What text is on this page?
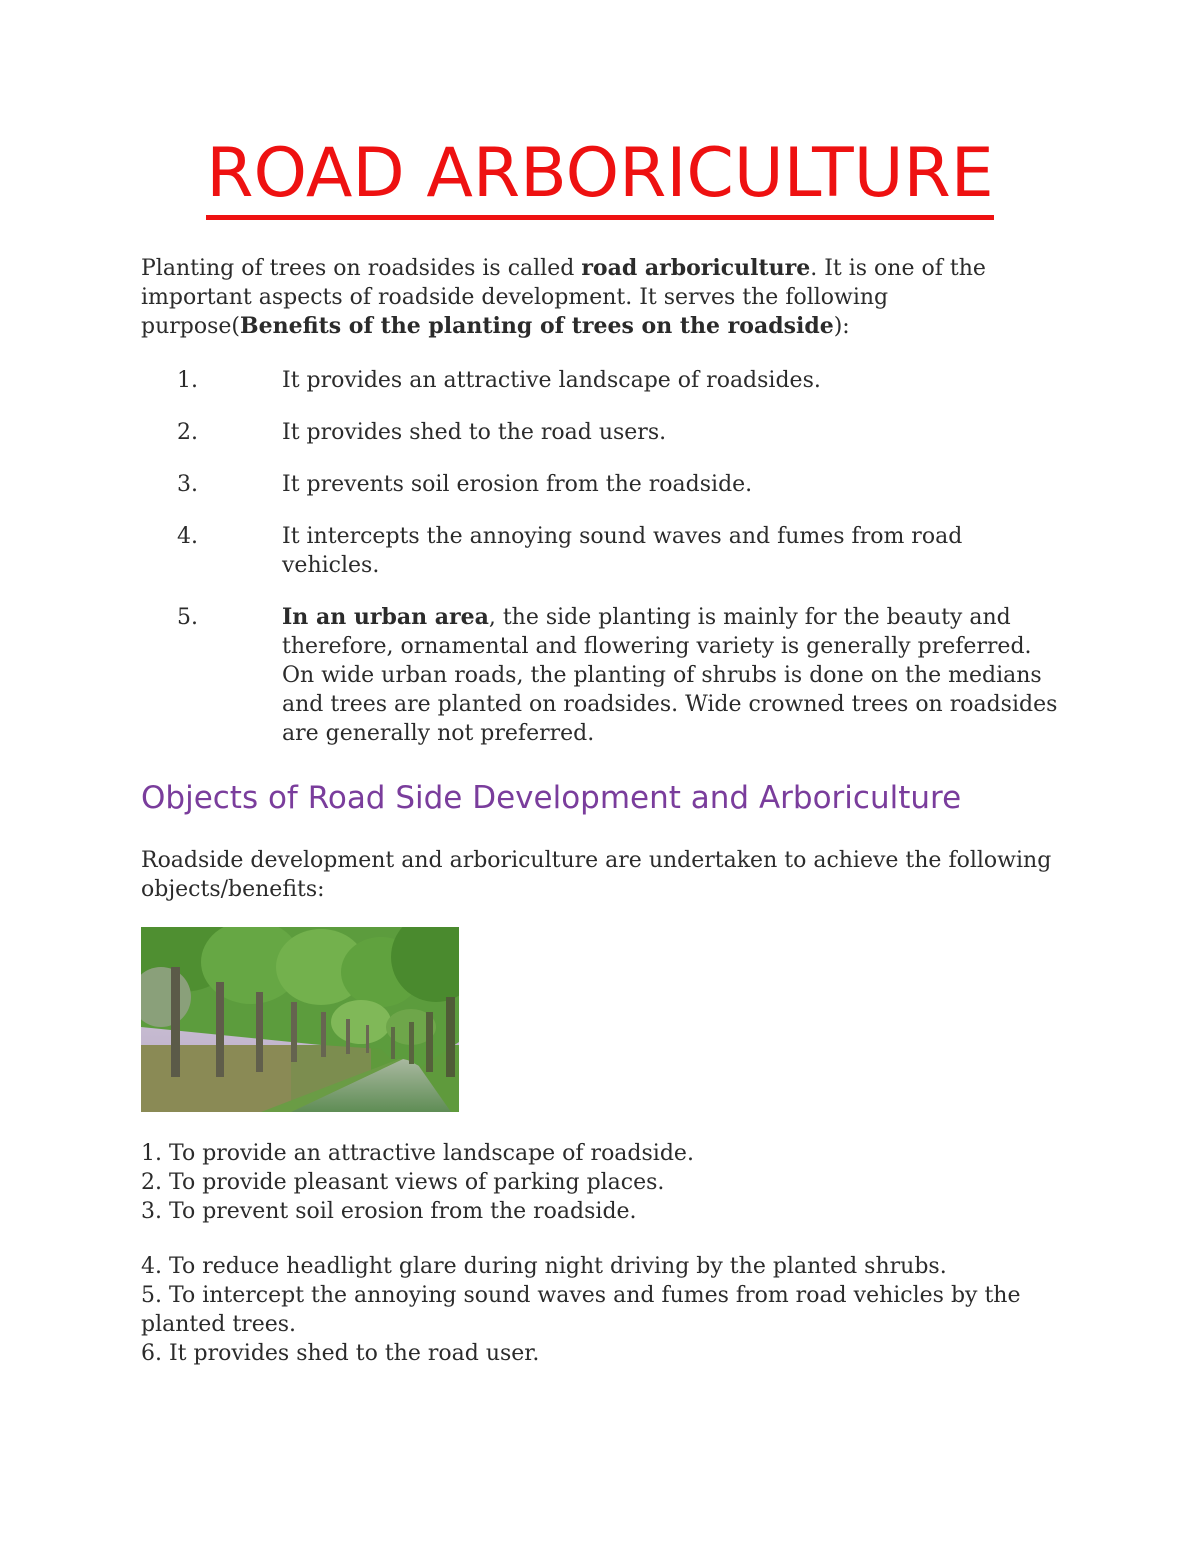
ROAD ARBORICULTURE

Planting of trees on roadsides is called road arboriculture. It is one of the important aspects of roadside development. It serves the following purpose(Benefits of the planting of trees on the roadside):

1.	It provides an attractive landscape of roadsides.
2.	It provides shed to the road users.
3.	It prevents soil erosion from the roadside.
4.	It intercepts the annoying sound waves and fumes from road vehicles.
5.	In an urban area, the side planting is mainly for the beauty and therefore, ornamental and flowering variety is generally preferred. On wide urban roads, the planting of shrubs is done on the medians and trees are planted on roadsides. Wide crowned trees on roadsides are generally not preferred.
Objects of Road Side Development and Arboriculture

Roadside development and arboriculture are undertaken to achieve the following objects/benefits:

1. To provide an attractive landscape of roadside.
2. To provide pleasant views of parking places.
3. To prevent soil erosion from the roadside.
4. To reduce headlight glare during night driving by the planted shrubs.
5. To intercept the annoying sound waves and fumes from road vehicles by the planted trees.
6. It provides shed to the road user.
